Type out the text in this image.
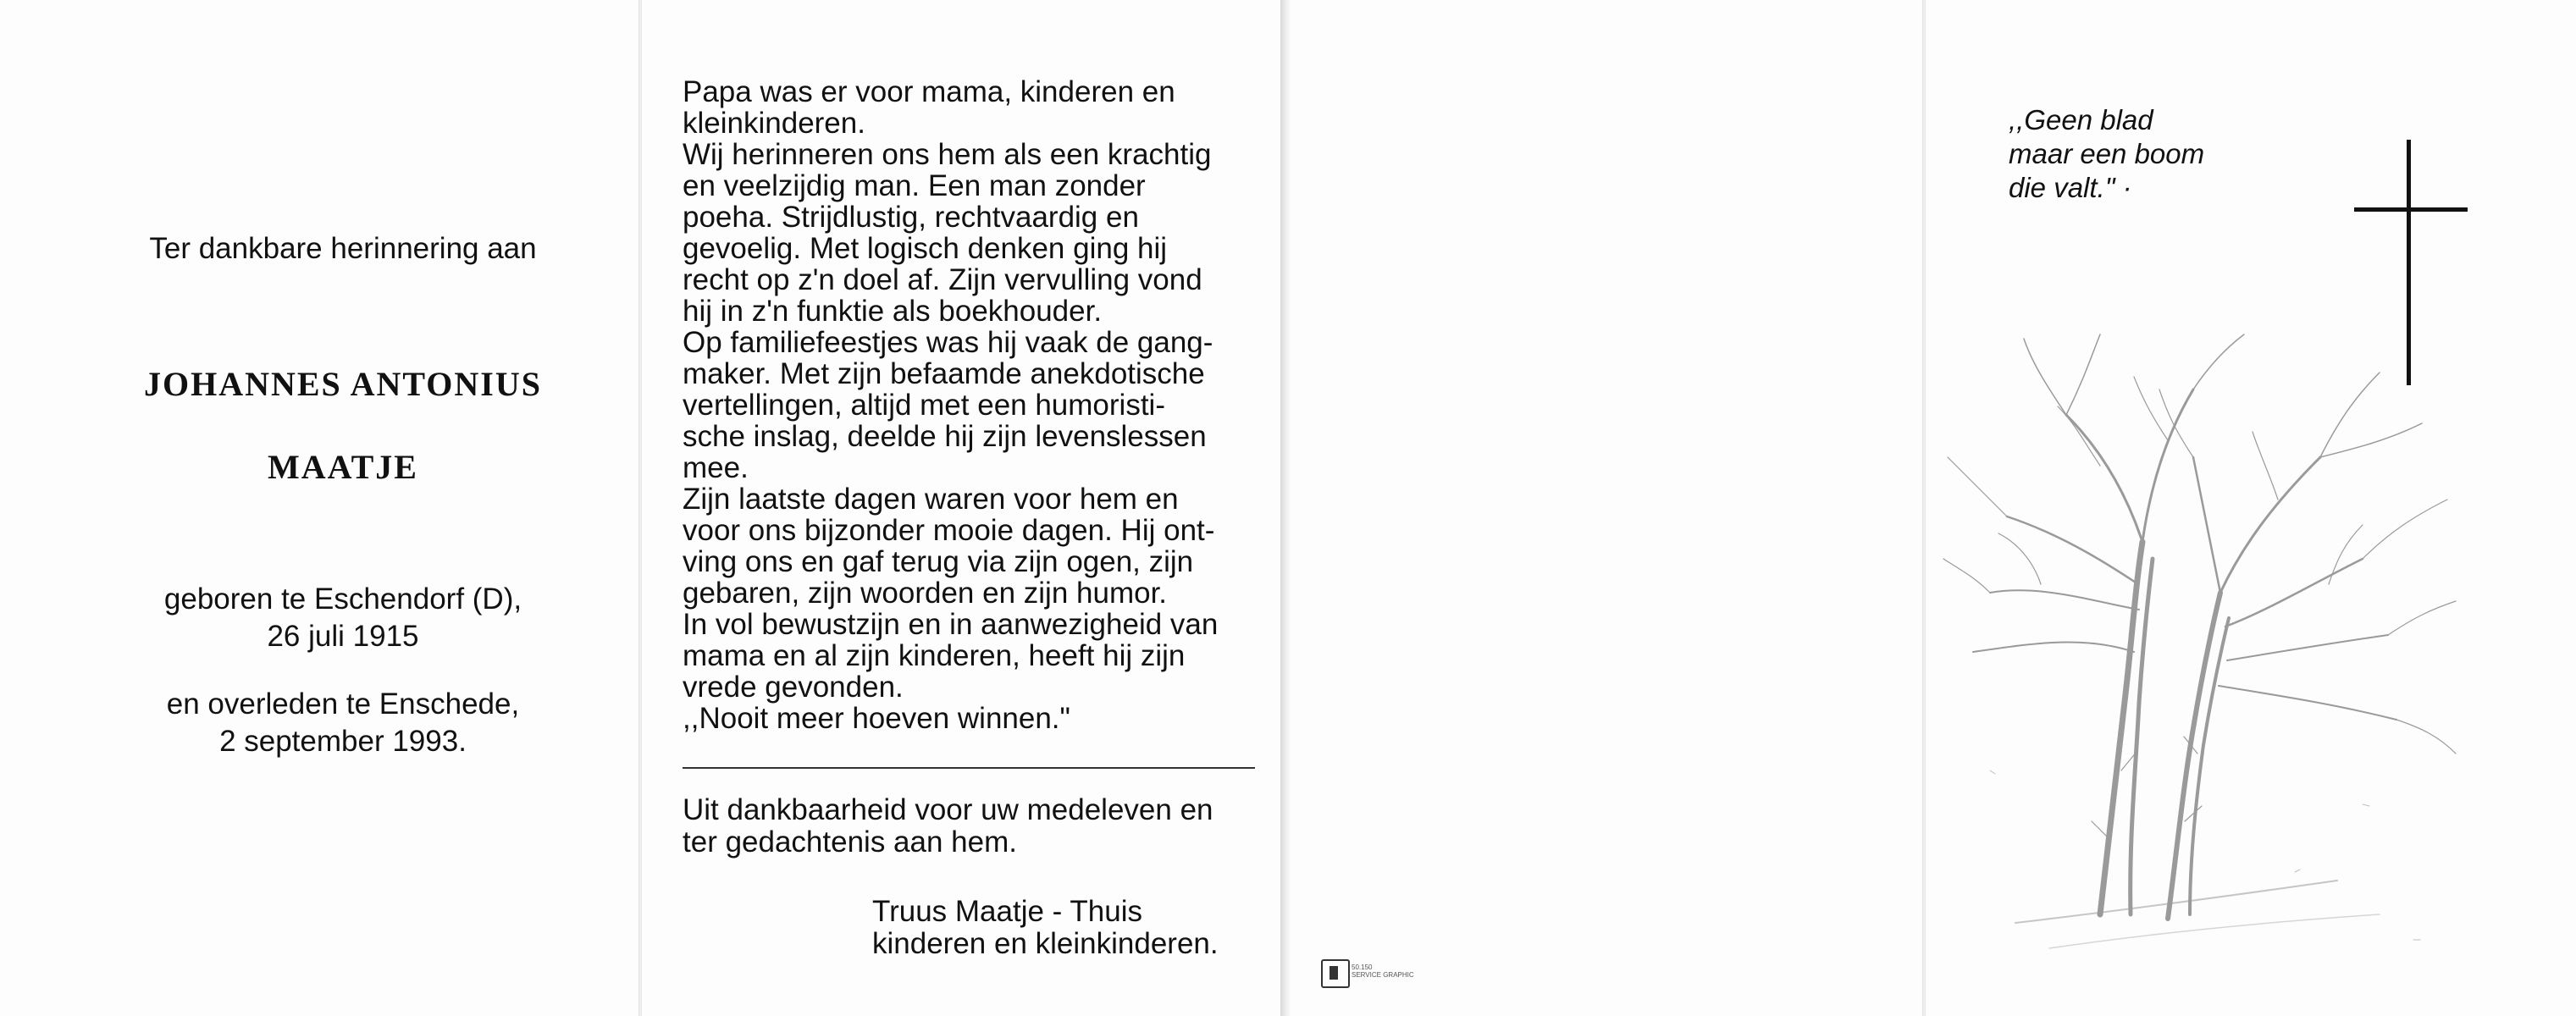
Ter dankbare herinnering aan

JOHANNES ANTONIUS

MAATJE

geboren te Eschendorf (D),

26 juli 1915

en overleden te Enschede,

2 september 1993.

Papa was er voor mama, kinderen en

kleinkinderen.

Wij herinneren ons hem als een krachtig

en veelzijdig man. Een man zonder

poeha. Strijdlustig, rechtvaardig en

gevoelig. Met logisch denken ging hij

recht op z'n doel af. Zijn vervulling vond

hij in z'n funktie als boekhouder.

Op familiefeestjes was hij vaak de gang-

maker. Met zijn befaamde anekdotische

vertellingen, altijd met een humoristi-

sche inslag, deelde hij zijn levenslessen

mee.

Zijn laatste dagen waren voor hem en

voor ons bijzonder mooie dagen. Hij ont-

ving ons en gaf terug via zijn ogen, zijn

gebaren, zijn woorden en zijn humor.

In vol bewustzijn en in aanwezigheid van

mama en al zijn kinderen, heeft hij zijn

vrede gevonden.

,,Nooit meer hoeven winnen."

Uit dankbaarheid voor uw medeleven en
ter gedachtenis aan hem.

Truus Maatje - Thuis

kinderen en kleinkinderen.

50.150
SERVICE GRAPHIC

,,Geen blad

maar een boom

die valt." ·
